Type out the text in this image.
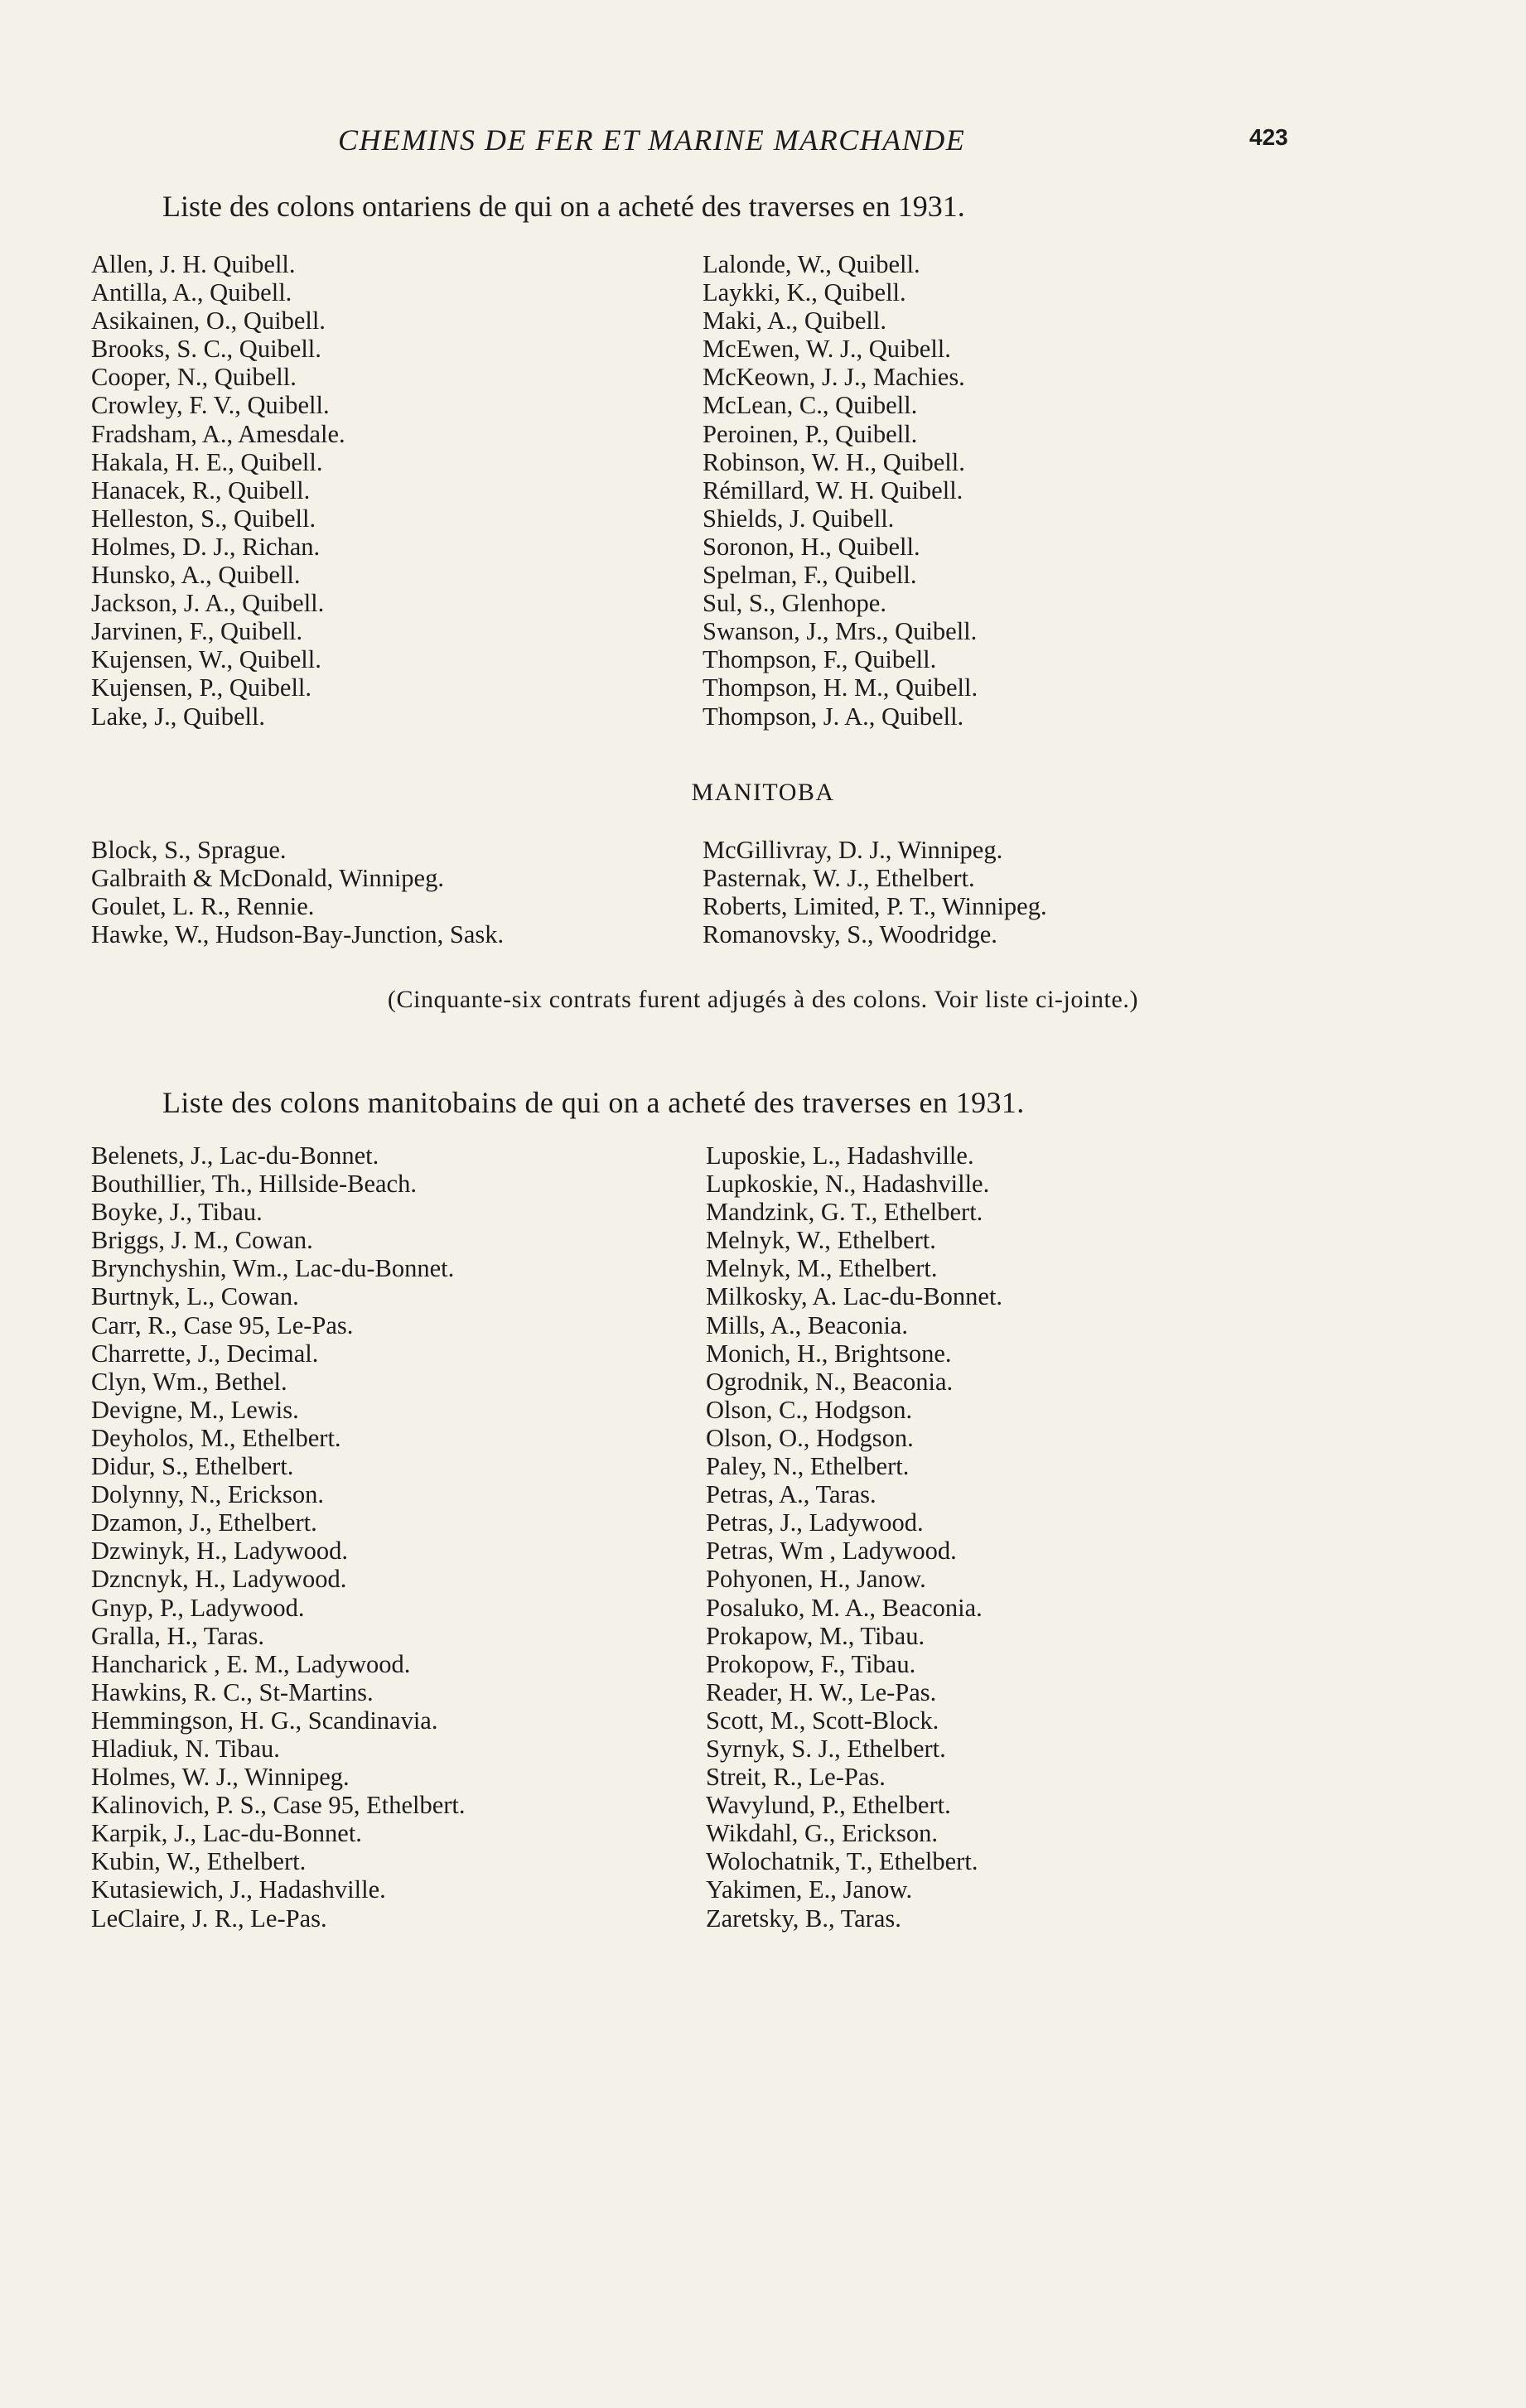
CHEMINS DE FER ET MARINE MARCHANDE	423
Liste des colons ontariens de qui on a acheté des traverses en 1931.
Allen, J. H. Quibell.
Antilla, A., Quibell.
Asikainen, O., Quibell.
Brooks, S. C., Quibell.
Cooper, N., Quibell.
Crowley, F. V., Quibell.
Fradsham, A., Amesdale.
Hakala, H. E., Quibell.
Hanacek, R., Quibell.
Helleston, S., Quibell.
Holmes, D. J., Richan.
Hunsko, A., Quibell.
Jackson, J. A., Quibell.
Jarvinen, F., Quibell.
Kujensen, W., Quibell.
Kujensen, P., Quibell.
Lake, J., Quibell.
Lalonde, W., Quibell.
Laykki, K., Quibell.
Maki, A., Quibell.
McEwen, W. J., Quibell.
McKeown, J. J., Machies.
McLean, C., Quibell.
Peroinen, P., Quibell.
Robinson, W. H., Quibell.
Rémillard, W. H. Quibell.
Shields, J. Quibell.
Soronon, H., Quibell.
Spelman, F., Quibell.
Sul, S., Glenhope.
Swanson, J., Mrs., Quibell.
Thompson, F., Quibell.
Thompson, H. M., Quibell.
Thompson, J. A., Quibell.
MANITOBA
Block, S., Sprague.
Galbraith & McDonald, Winnipeg.
Goulet, L. R., Rennie.
Hawke, W., Hudson-Bay-Junction, Sask.
McGillivray, D. J., Winnipeg.
Pasternak, W. J., Ethelbert.
Roberts, Limited, P. T., Winnipeg.
Romanovsky, S., Woodridge.
(Cinquante-six contrats furent adjugés à des colons. Voir liste ci-jointe.)
Liste des colons manitobains de qui on a acheté des traverses en 1931.
Belenets, J., Lac-du-Bonnet.
Bouthillier, Th., Hillside-Beach.
Boyke, J., Tibau.
Briggs, J. M., Cowan.
Brynchyshin, Wm., Lac-du-Bonnet.
Burtnyk, L., Cowan.
Carr, R., Case 95, Le-Pas.
Charrette, J., Decimal.
Clyn, Wm., Bethel.
Devigne, M., Lewis.
Deyholos, M., Ethelbert.
Didur, S., Ethelbert.
Dolynny, N., Erickson.
Dzamon, J., Ethelbert.
Dzwinyk, H., Ladywood.
Dzncnyk, H., Ladywood.
Gnyp, P., Ladywood.
Gralla, H., Taras.
Hancharick , E. M., Ladywood.
Hawkins, R. C., St-Martins.
Hemmingson, H. G., Scandinavia.
Hladiuk, N. Tibau.
Holmes, W. J., Winnipeg.
Kalinovich, P. S., Case 95, Ethelbert.
Karpik, J., Lac-du-Bonnet.
Kubin, W., Ethelbert.
Kutasiewich, J., Hadashville.
LeClaire, J. R., Le-Pas.
Luposkie, L., Hadashville.
Lupkoskie, N., Hadashville.
Mandzink, G. T., Ethelbert.
Melnyk, W., Ethelbert.
Melnyk, M., Ethelbert.
Milkosky, A. Lac-du-Bonnet.
Mills, A., Beaconia.
Monich, H., Brightsone.
Ogrodnik, N., Beaconia.
Olson, C., Hodgson.
Olson, O., Hodgson.
Paley, N., Ethelbert.
Petras, A., Taras.
Petras, J., Ladywood.
Petras, Wm , Ladywood.
Pohyonen, H., Janow.
Posaluko, M. A., Beaconia.
Prokapow, M., Tibau.
Prokopow, F., Tibau.
Reader, H. W., Le-Pas.
Scott, M., Scott-Block.
Syrnyk, S. J., Ethelbert.
Streit, R., Le-Pas.
Wavylund, P., Ethelbert.
Wikdahl, G., Erickson.
Wolochatnik, T., Ethelbert.
Yakimen, E., Janow.
Zaretsky, B., Taras.
